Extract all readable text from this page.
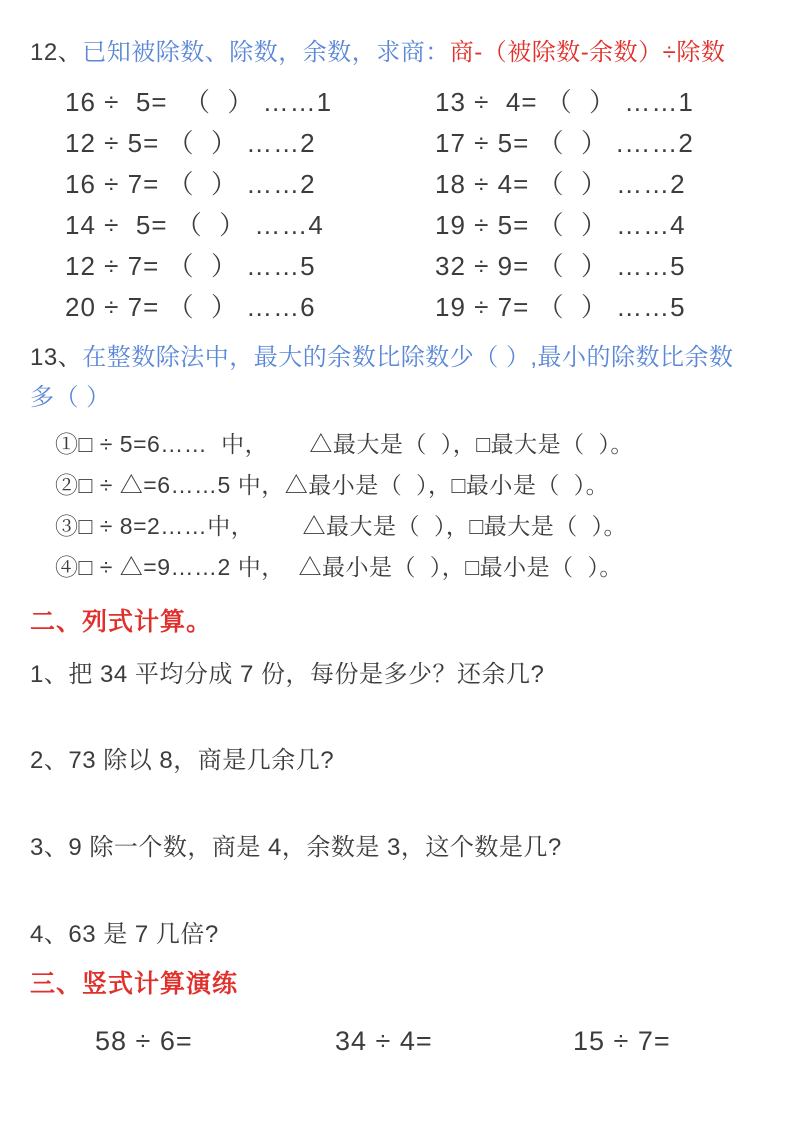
12、已知被除数、除数，余数，求商：商-（被除数-余数）÷除数
16 ÷  5=  （  ） ……1	13 ÷  4= （  ） ……1
12 ÷ 5= （  ） ……2	17 ÷ 5= （  ） .……2
16 ÷ 7= （  ） ……2	18 ÷ 4= （  ） ……2
14 ÷  5= （  ） ……4	19 ÷ 5= （  ） ……4
12 ÷ 7= （  ） ……5	32 ÷ 9= （  ） ……5
20 ÷ 7= （  ） ……6	19 ÷ 7= （  ） ……5
13、在整数除法中，最大的余数比除数少（ ）,最小的除数比余数
多（ ）
①□ ÷ 5=6……  中，      △最大是（  ），□最大是（  ）。
②□ ÷ △=6……5 中，△最小是（  ），□最小是（  ）。
③□ ÷ 8=2……中，       △最大是（  ），□最大是（  ）。
④□ ÷ △=9……2 中，  △最小是（  ），□最小是（  ）。
二、列式计算。
1、把 34 平均分成 7 份，每份是多少？还余几?
2、73 除以 8，商是几余几?
3、9 除一个数，商是 4，余数是 3，这个数是几?
4、63 是 7 几倍?
三、竖式计算演练
58 ÷ 6=	34 ÷ 4=	15 ÷ 7=
